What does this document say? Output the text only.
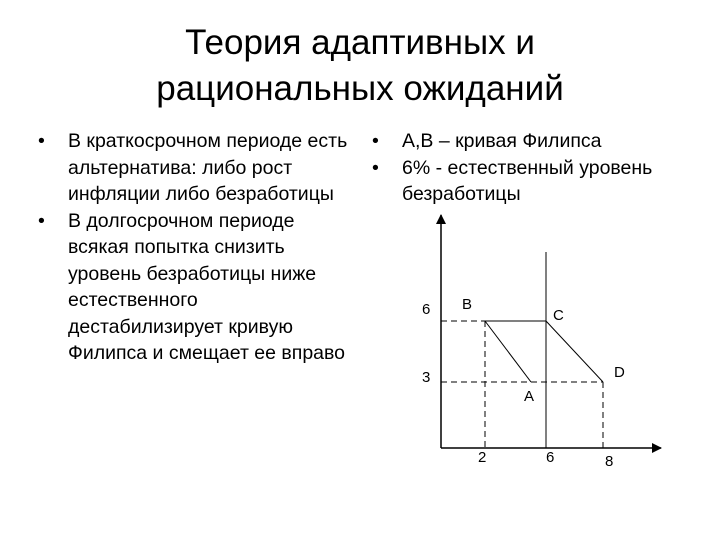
Теория адаптивных и
рациональных ожиданий
• В краткосрочном периоде есть альтернатива: либо рост инфляции либо безработицы
• В долгосрочном периоде всякая попытка снизить уровень безработицы ниже естественного дестабилизирует кривую Филипса и смещает ее вправо
• А,В – кривая Филипса
• 6% - естественный уровень безработицы
6
3
2	6	8
B
C
A
D
